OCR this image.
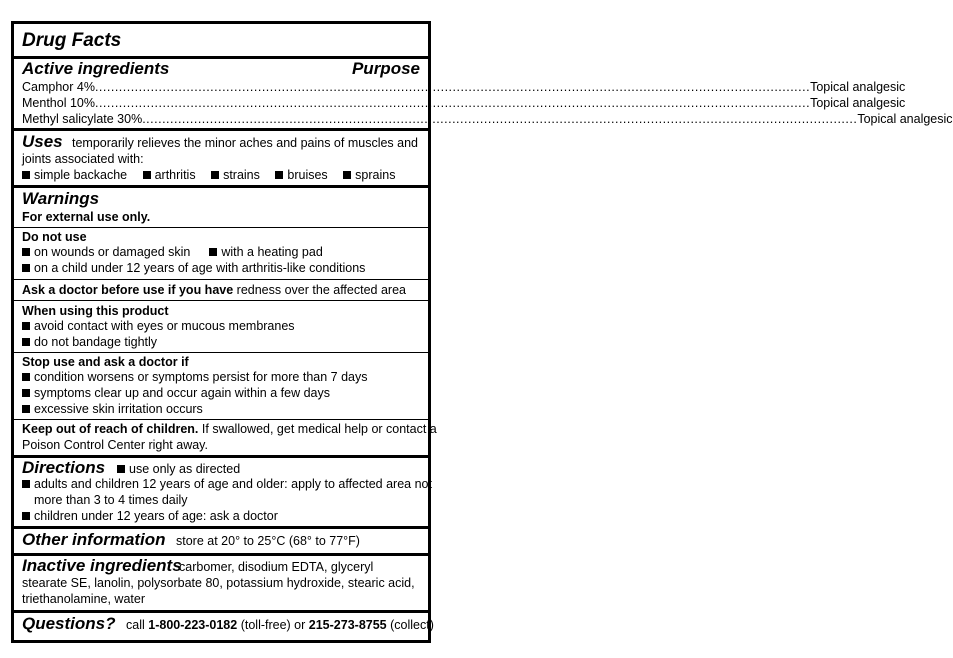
Drug Facts
Active ingredients	Purpose
Camphor 4% .................................................................................................................................................................................... Topical analgesic
Menthol 10% .................................................................................................................................................................................... Topical analgesic
Methyl salicylate 30% .................................................................................................................................................................................... Topical analgesic
Uses temporarily relieves the minor aches and pains of muscles and
joints associated with:
simple backache arthritis strains bruises sprains
Warnings
For external use only.
Do not use
on wounds or damaged skin with a heating pad
on a child under 12 years of age with arthritis-like conditions
Ask a doctor before use if you have redness over the affected area
When using this product
avoid contact with eyes or mucous membranes
do not bandage tightly
Stop use and ask a doctor if
condition worsens or symptoms persist for more than 7 days
symptoms clear up and occur again within a few days
excessive skin irritation occurs
Keep out of reach of children. If swallowed, get medical help or contact a
Poison Control Center right away.
Directions	use only as directed
adults and children 12 years of age and older: apply to affected area not
more than 3 to 4 times daily
children under 12 years of age: ask a doctor
Other information store at 20° to 25°C (68° to 77°F)
Inactive ingredients
carbomer, disodium EDTA, glyceryl
stearate SE, lanolin, polysorbate 80, potassium hydroxide, stearic acid,
triethanolamine, water
Questions? call 1-800-223-0182 (toll-free) or 215-273-8755 (collect)
